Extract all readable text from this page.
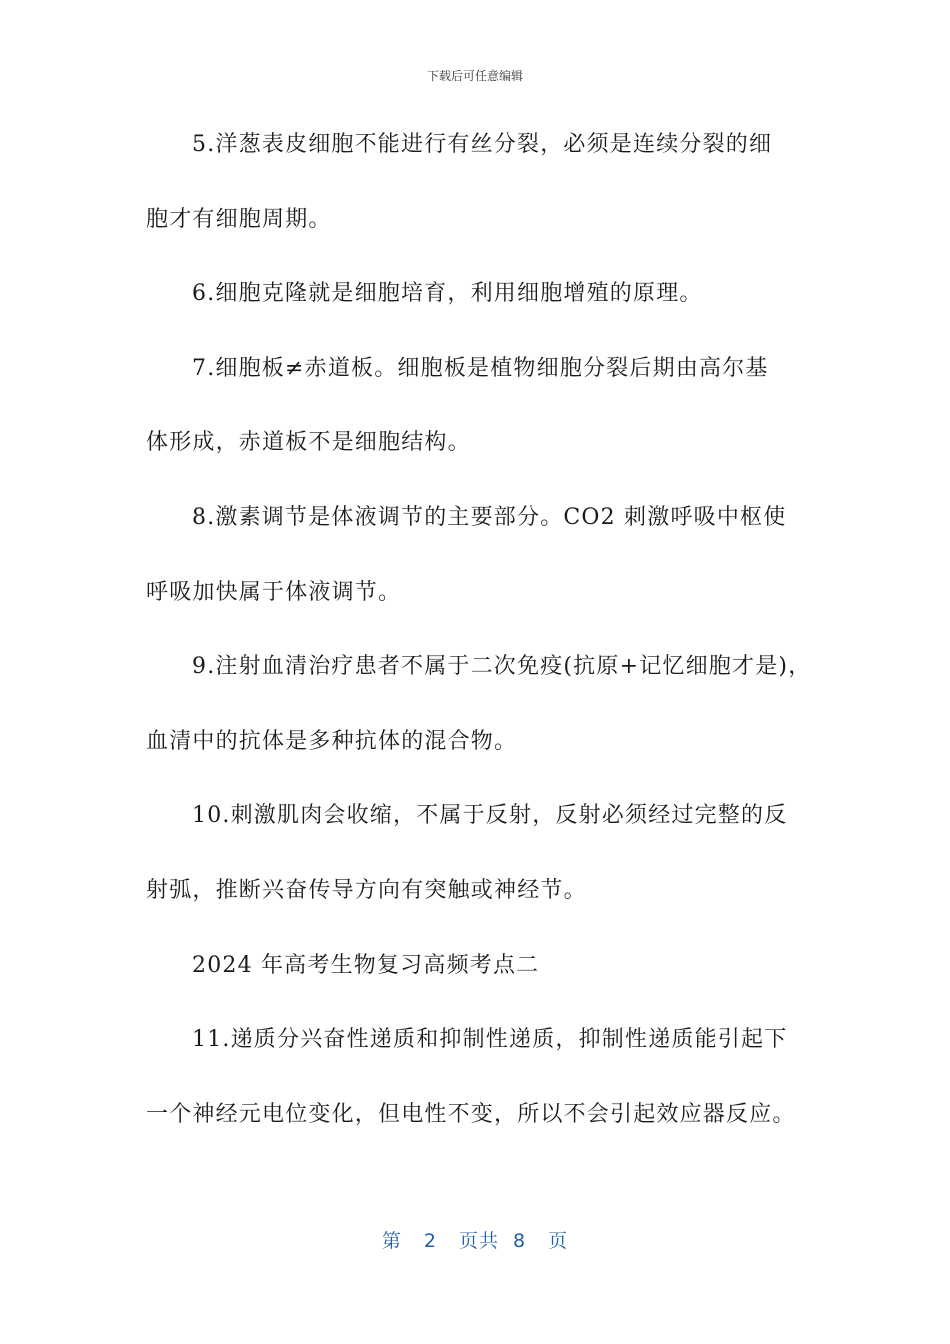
下载后可任意编辑
5.洋葱表皮细胞不能进行有丝分裂，必须是连续分裂的细
胞才有细胞周期。
6.细胞克隆就是细胞培育，利用细胞增殖的原理。
7.细胞板≠赤道板。细胞板是植物细胞分裂后期由高尔基
体形成，赤道板不是细胞结构。
8.激素调节是体液调节的主要部分。CO2 刺激呼吸中枢使
呼吸加快属于体液调节。
9.注射血清治疗患者不属于二次免疫(抗原+记忆细胞才是)，
血清中的抗体是多种抗体的混合物。
10.刺激肌肉会收缩，不属于反射，反射必须经过完整的反
射弧，推断兴奋传导方向有突触或神经节。
2024 年高考生物复习高频考点二
11.递质分兴奋性递质和抑制性递质，抑制性递质能引起下
一个神经元电位变化，但电性不变，所以不会引起效应器反应。
第 2 页共 8 页
